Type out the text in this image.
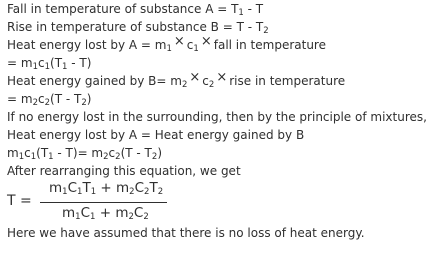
Fall in temperature of substance $A = T_1 - T$
Rise in temperature of substance $B = T - T_2$
Heat energy lost by $A = m_1 \times c_1$ × fall in temperature
= $m_1c_1(T_1 - T)$
Heat energy gained by $B= m_2 \times c_2$ × rise in temperature
= $m_2c_2(T - T_2)$
If no energy lost in the surrounding, then by the principle of mixtures,
Heat energy lost by A = Heat energy gained by B
$m_1c_1(T_1 - T)= m_2c_2(T - T_2)$
After rearranging this equation, we get
T =
$m_1C_1T_1 + m_2C_2T_2$
$m_1C_1 + m_2C_2$
Here we have assumed that there is no loss of heat energy.
